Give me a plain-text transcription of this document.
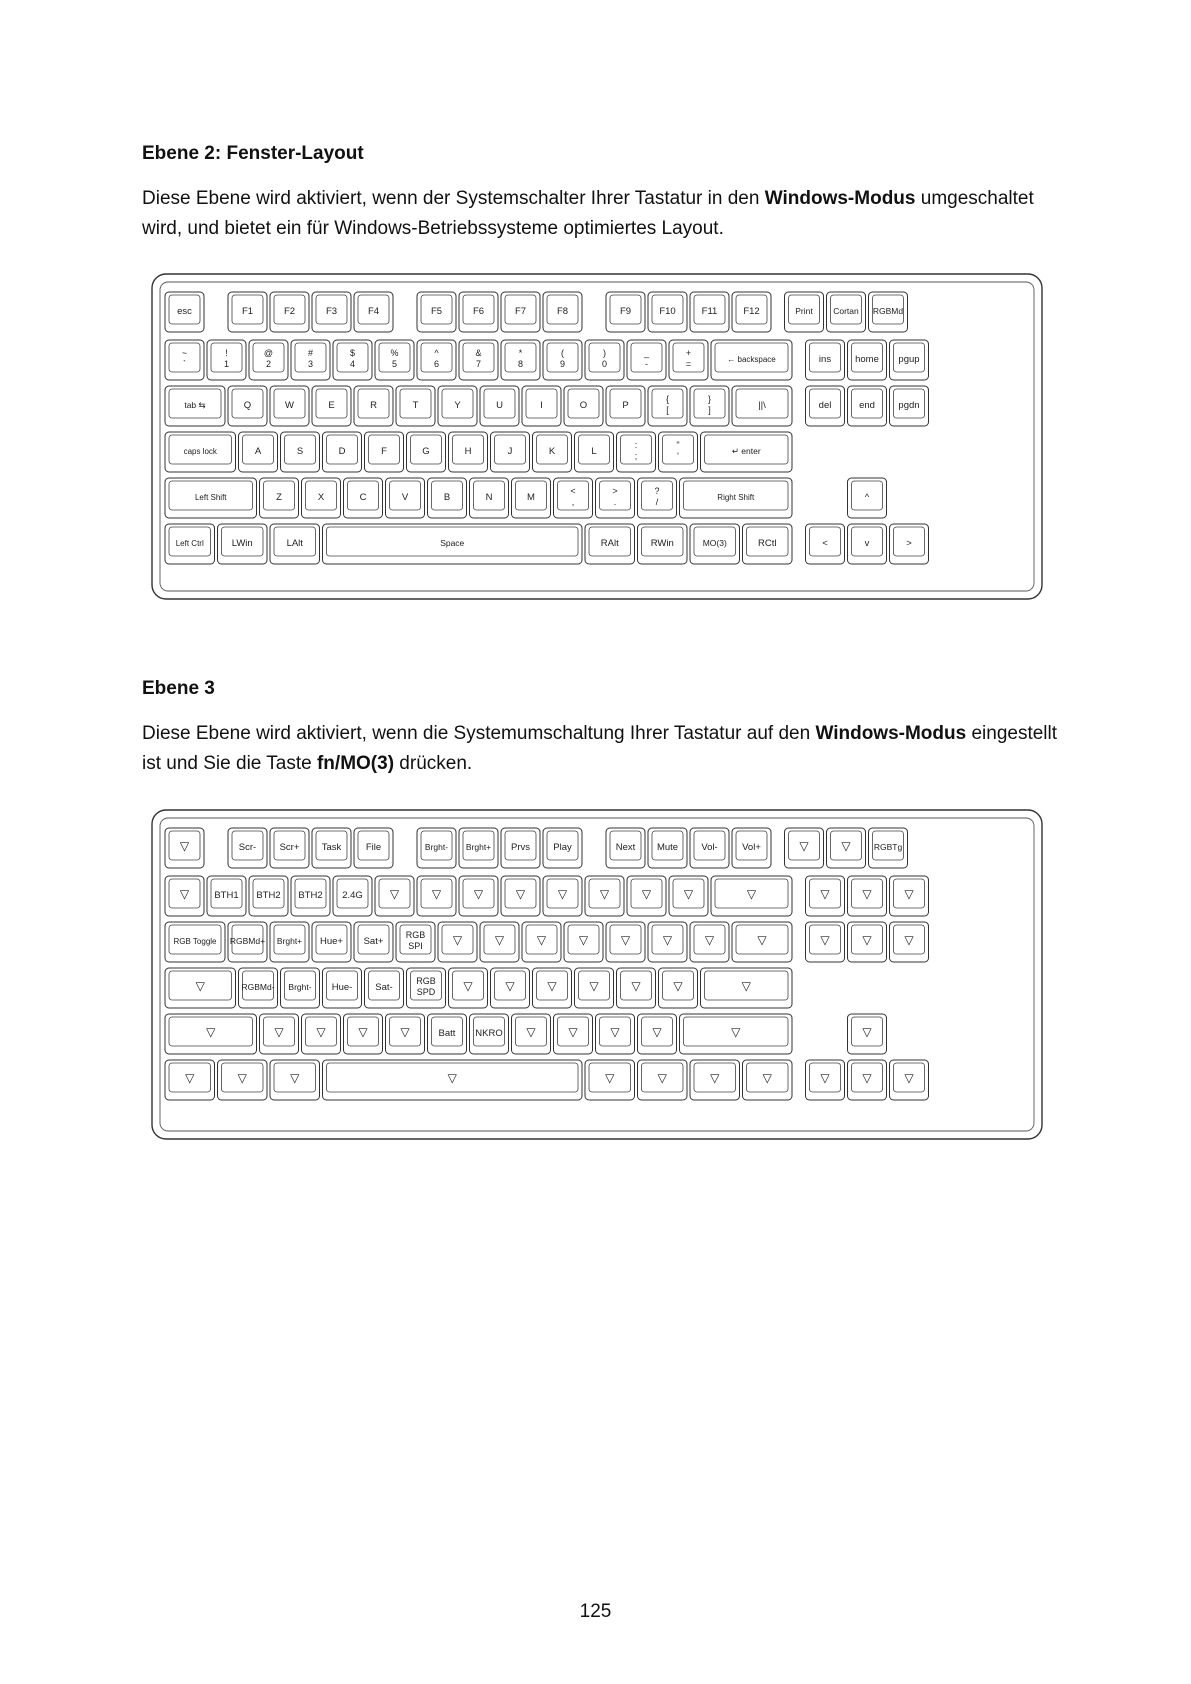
Ebene 2: Fenster-Layout

Diese Ebene wird aktiviert, wenn der Systemschalter Ihrer Tastatur in den Windows-Modus umgeschaltet wird, und bietet ein für Windows-Betriebssysteme optimiertes Layout.

esc	F1	F2	F3	F4	F5	F6	F7	F8	F9	F10	F11	F12	Print Cortan RGBMd
~
`
!
1
@
2
#
3
$
4
%
5
^
6
&
7
*
8
(
9
)
0
_
-
+
=	← backspace	ins	home pgup
tab ⇆	Q	W	E	R	T	Y	U	I	O	P
{
[
}
]	||\	del	end pgdn
caps lock	A	S	D	F	G	H	J	K	L
:
;
"
'	↵ enter
Left Shift	Z	X	C	V	B	N	M
<
,
>
.
?
/	Right Shift	^
Left Ctrl	LWin	LAlt	Space	RAlt	RWin	MO(3)	RCtl	<	v	>
Ebene 3

Diese Ebene wird aktiviert, wenn die Systemumschaltung Ihrer Tastatur auf den Windows-Modus eingestellt ist und Sie die Taste fn/MO(3) drücken.

▽	Scr- Scr+ Task	File	Brght- Brght+ Prvs Play	Next Mute Vol-	Vol+	▽	▽	RGBTg
▽	BTH1 BTH2 BTH2 2.4G ▽	▽	▽	▽	▽	▽	▽	▽	▽	▽	▽	▽
RGB Toggle RGBMd+ Brght+ Hue+ Sat+
RGB
SPI	▽	▽	▽	▽	▽	▽	▽	▽	▽	▽	▽
▽	RGBMd- Brght- Hue- Sat-
RGB
SPD ▽	▽	▽	▽	▽	▽	▽
▽	▽	▽	▽	▽	Batt NKRO ▽	▽	▽	▽	▽	▽
▽	▽	▽	▽	▽	▽	▽	▽	▽	▽	▽
125
